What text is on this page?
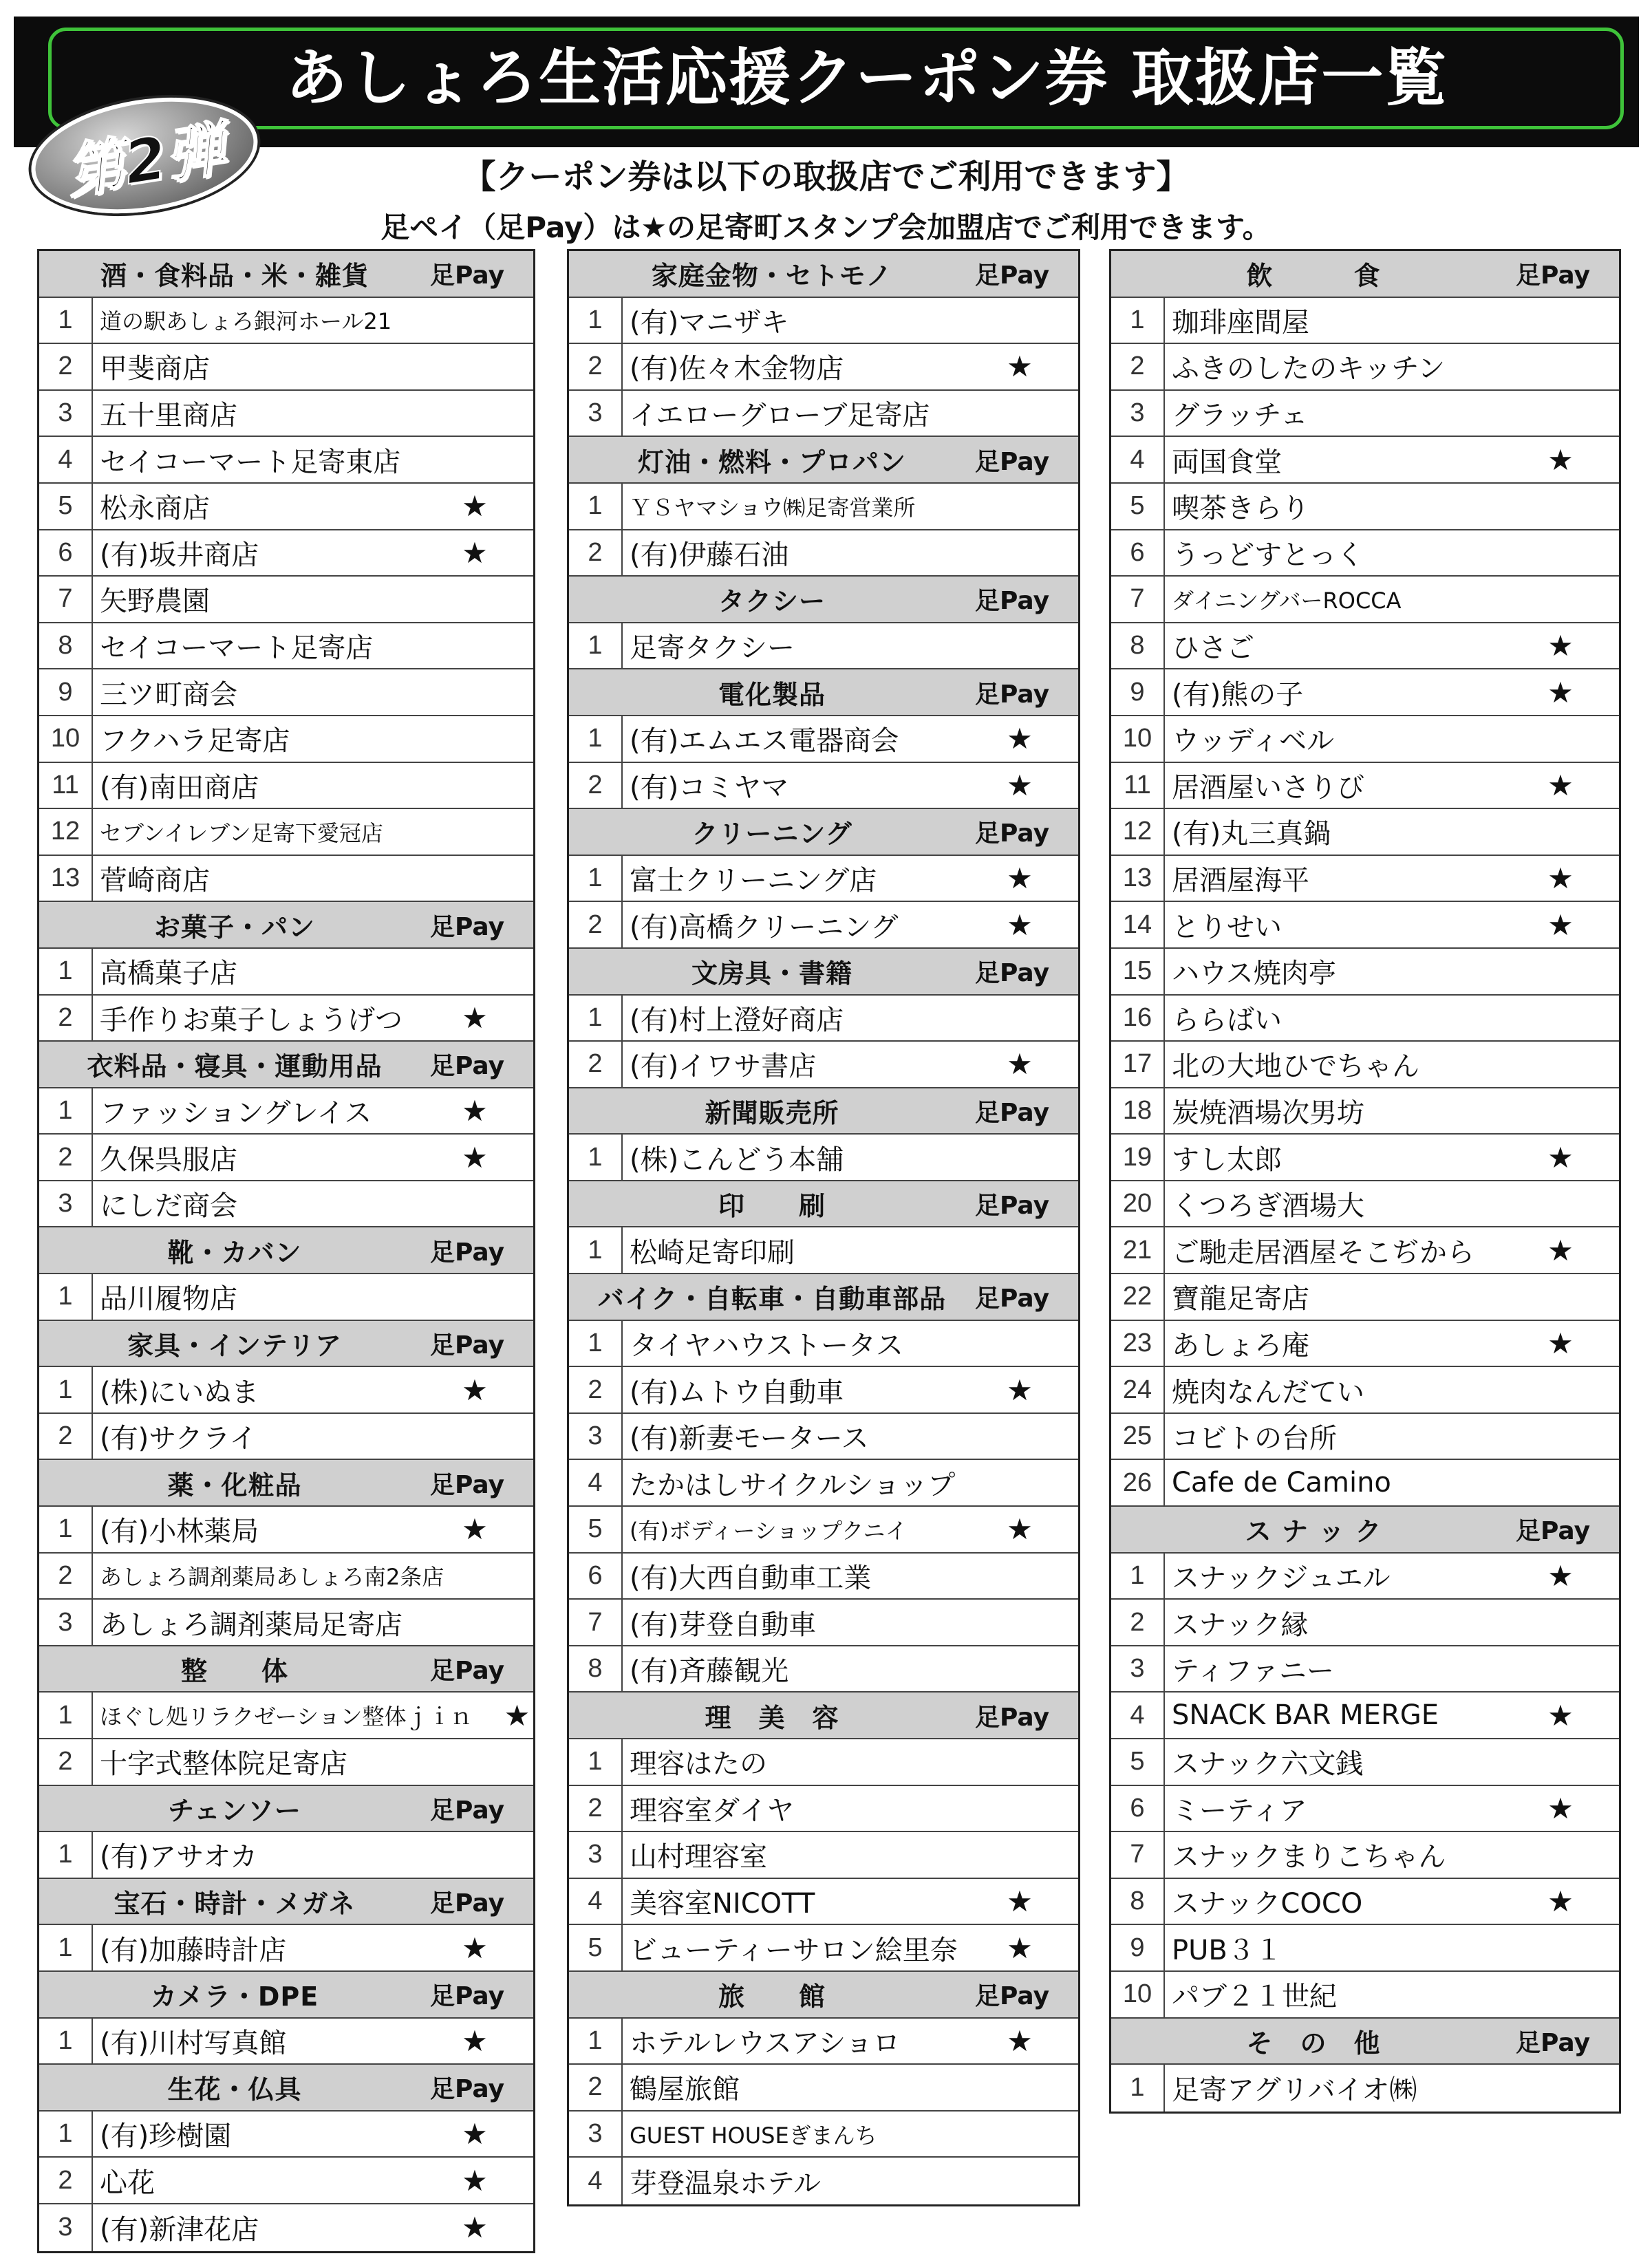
あしょろ生活応援クーポン券 取扱店一覧
第2弾	【クーポン券は以下の取扱店でご利用できます】
足ペイ（足Pay）は★の足寄町スタンプ会加盟店でご利用できます。
酒・食料品・米・雑貨	足Pay
1	道の駅あしょろ銀河ホール21
2 甲斐商店
3 五十里商店
4 セイコーマート足寄東店
5 松永商店	★
6 (有)坂井商店	★
7 矢野農園
8 セイコーマート足寄店
9 三ツ町商会
10 フクハラ足寄店
11 (有)南田商店
12 セブンイレブン足寄下愛冠店
13 菅崎商店
お菓子・パン	足Pay
1 高橋菓子店
2 手作りお菓子しょうげつ	★
衣料品・寝具・運動用品	足Pay
1 ファッショングレイス	★
2 久保呉服店	★
3 にしだ商会
靴・カバン	足Pay
1 品川履物店
家具・インテリア	足Pay
1 (株)にいぬま	★
2 (有)サクライ
薬・化粧品	足Pay
1 (有)小林薬局	★
2	あしょろ調剤薬局あしょろ南2条店
3 あしょろ調剤薬局足寄店
整　　体	足Pay
1	ほぐし処リラクゼーション整体ｊｉｎ	★
2 十字式整体院足寄店
チェンソー	足Pay
1 (有)アサオカ
宝石・時計・メガネ	足Pay
1 (有)加藤時計店	★
カメラ・DPE	足Pay
1 (有)川村写真館	★
生花・仏具	足Pay
1 (有)珍樹園	★
2 心花	★
3 (有)新津花店	★
家庭金物・セトモノ	足Pay
1 (有)マニザキ
2 (有)佐々木金物店	★
3 イエローグローブ足寄店
灯油・燃料・プロパン	足Pay
1	ＹＳヤマショウ㈱足寄営業所
2 (有)伊藤石油
タクシー	足Pay
1 足寄タクシー
電化製品	足Pay
1 (有)エムエス電器商会	★
2 (有)コミヤマ	★
クリーニング	足Pay
1 富士クリーニング店	★
2 (有)高橋クリーニング	★
文房具・書籍	足Pay
1 (有)村上澄好商店
2 (有)イワサ書店	★
新聞販売所	足Pay
1 (株)こんどう本舗
印　　刷	足Pay
1 松崎足寄印刷
バイク・自転車・自動車部品	足Pay
1 タイヤハウストータス
2 (有)ムトウ自動車	★
3 (有)新妻モータース
4 たかはしサイクルショップ
5	(有)ボディーショップクニイ	★
6 (有)大西自動車工業
7 (有)芽登自動車
8 (有)斉藤観光
理　美　容	足Pay
1 理容はたの
2 理容室ダイヤ
3 山村理容室
4 美容室NICOTT	★
5 ビューティーサロン絵里奈	★
旅　　館	足Pay
1 ホテルレウスアショロ	★
2 鶴屋旅館
3	GUEST HOUSEぎまんち
4 芽登温泉ホテル
飲　　　食	足Pay
1 珈琲座間屋
2 ふきのしたのキッチン
3 グラッチェ
4 両国食堂	★
5 喫茶きらり
6 うっどすとっく
7	ダイニングバーROCCA
8 ひさご	★
9 (有)熊の子	★
10 ウッディベル
11 居酒屋いさりび	★
12 (有)丸三真鍋
13 居酒屋海平	★
14 とりせい	★
15 ハウス焼肉亭
16 ららばい
17 北の大地ひでちゃん
18 炭焼酒場次男坊
19 すし太郎	★
20 くつろぎ酒場大
21 ご馳走居酒屋そこぢから	★
22 寶龍足寄店
23 あしょろ庵	★
24 焼肉なんだてい
25 コビトの台所
26 Cafe de Camino
ス ナ ッ ク	足Pay
1 スナックジュエル	★
2 スナック縁
3 ティファニー
4 SNACK BAR MERGE	★
5 スナック六文銭
6 ミーティア	★
7 スナックまりこちゃん
8 スナックCOCO	★
9 PUB３１
10 パブ２１世紀
そ　の　他	足Pay
1 足寄アグリバイオ㈱
